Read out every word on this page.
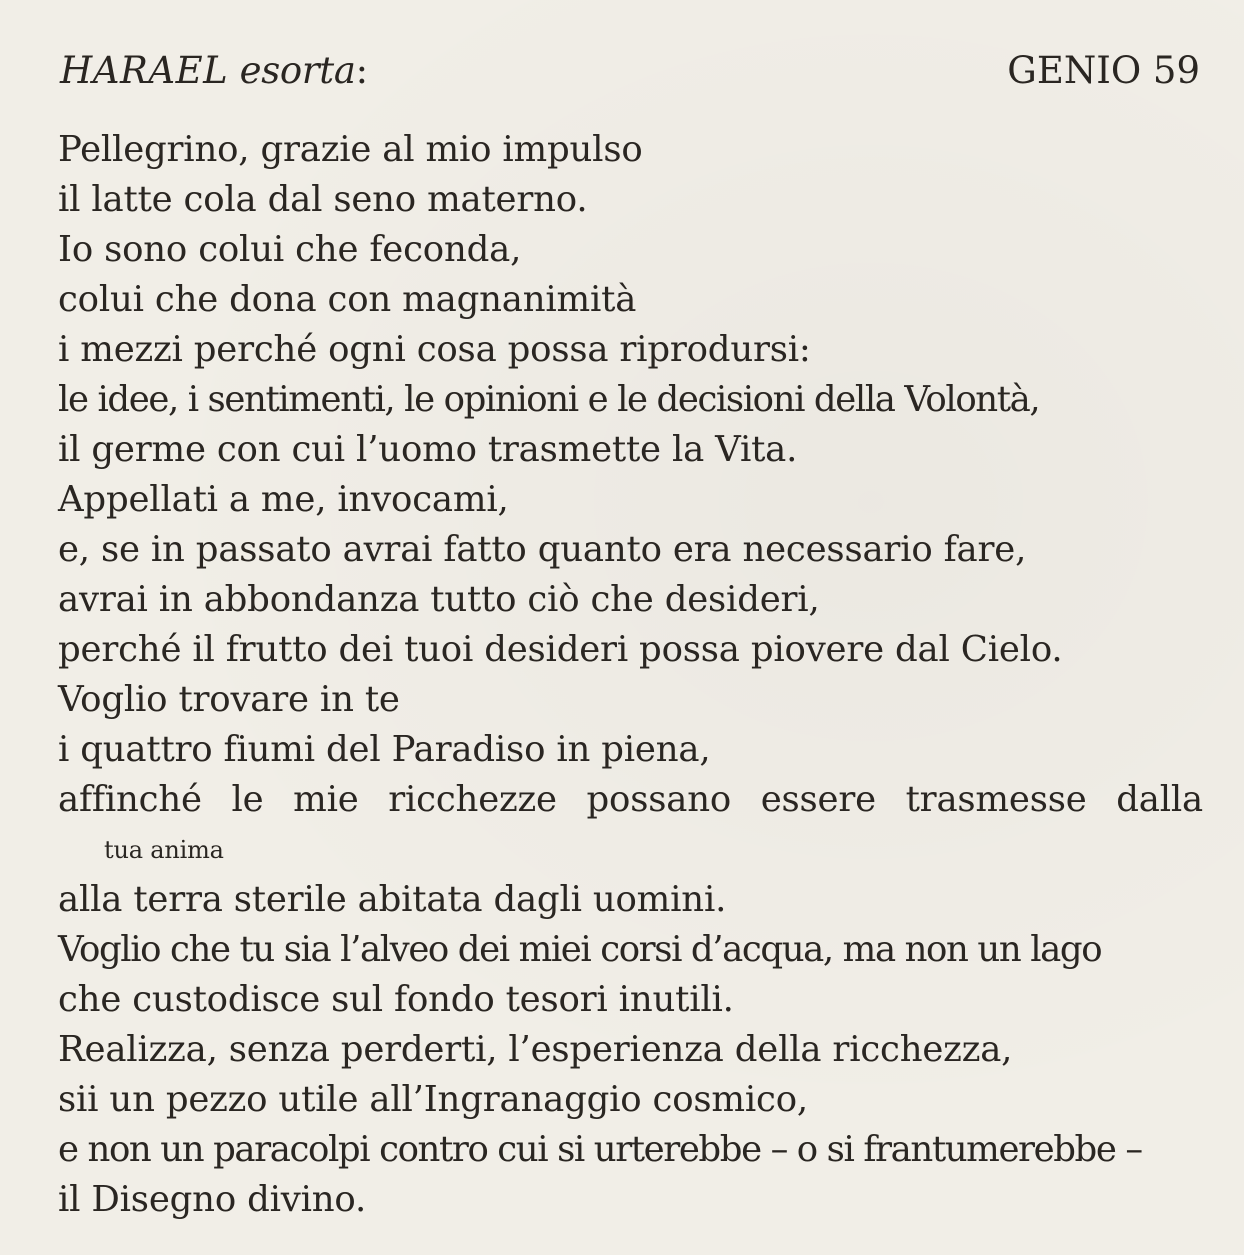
HARAEL esorta:	GENIO 59
Pellegrino, grazie al mio impulso
il latte cola dal seno materno.
Io sono colui che feconda,
colui che dona con magnanimità
i mezzi perché ogni cosa possa riprodursi:
le idee, i sentimenti, le opinioni e le decisioni della Volontà,
il germe con cui l’uomo trasmette la Vita.
Appellati a me, invocami,
e, se in passato avrai fatto quanto era necessario fare,
avrai in abbondanza tutto ciò che desideri,
perché il frutto dei tuoi desideri possa piovere dal Cielo.
Voglio trovare in te
i quattro fiumi del Paradiso in piena,
affinché le mie ricchezze possano essere trasmesse dalla
tua anima
alla terra sterile abitata dagli uomini.
Voglio che tu sia l’alveo dei miei corsi d’acqua, ma non un lago
che custodisce sul fondo tesori inutili.
Realizza, senza perderti, l’esperienza della ricchezza,
sii un pezzo utile all’Ingranaggio cosmico,
e non un paracolpi contro cui si urterebbe – o si frantumerebbe –
il Disegno divino.
